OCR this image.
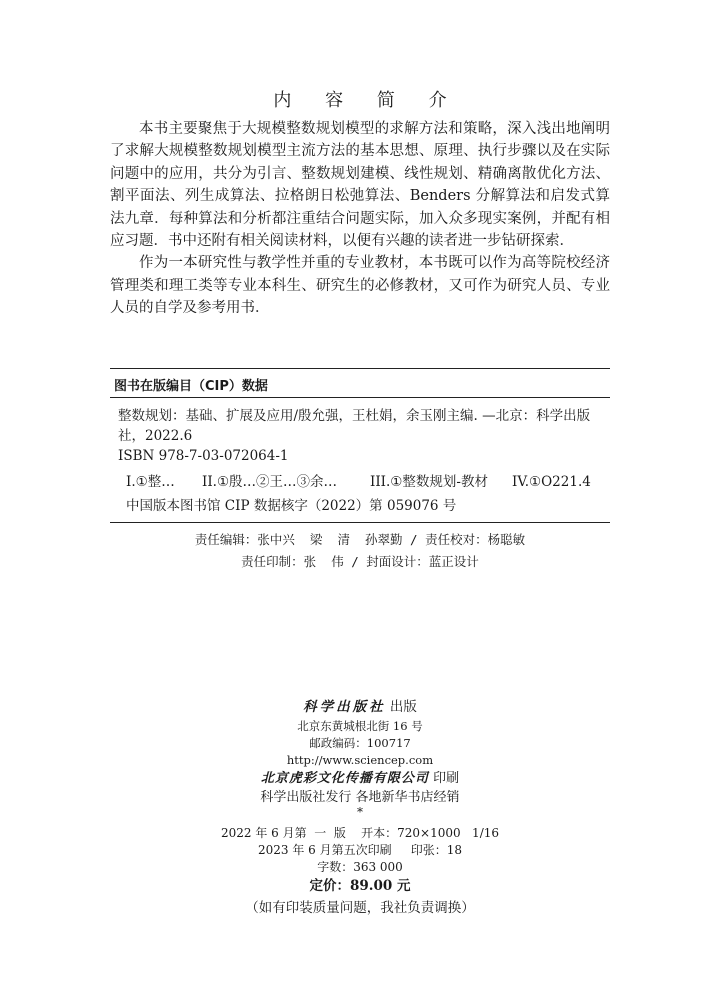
内 容 简 介

本书主要聚焦于大规模整数规划模型的求解方法和策略，深入浅出地阐明了求解大规模整数规划模型主流方法的基本思想、原理、执行步骤以及在实际问题中的应用，共分为引言、整数规划建模、线性规划、精确离散优化方法、割平面法、列生成算法、拉格朗日松弛算法、Benders 分解算法和启发式算法九章．每种算法和分析都注重结合问题实际，加入众多现实案例，并配有相应习题．书中还附有相关阅读材料，以便有兴趣的读者进一步钻研探索．

作为一本研究性与教学性并重的专业教材，本书既可以作为高等院校经济管理类和理工类等专业本科生、研究生的必修教材，又可作为研究人员、专业人员的自学及参考用书．

图书在版编目（CIP）数据
整数规划：基础、扩展及应用/殷允强，王杜娟，余玉刚主编. —北京：科学出版社，2022.6
ISBN 978-7-03-072064-1
I.①整…	II.①殷…②王…③余…	III.①整数规划-教材	IV.①O221.4
中国版本图书馆 CIP 数据核字（2022）第 059076 号
责任编辑：张中兴  梁  清  孙翠勤 / 责任校对：杨聪敏
责任印制：张  伟 / 封面设计：蓝正设计
科学出版社 出版
北京东黄城根北街 16 号
邮政编码：100717
http://www.sciencep.com
北京虎彩文化传播有限公司 印刷
科学出版社发行 各地新华书店经销
*
2022 年 6 月第  一  版    开本：720×1000   1/16
2023 年 6 月第五次印刷     印张：18
字数：363 000
定价：89.00 元
（如有印装质量问题，我社负责调换）
